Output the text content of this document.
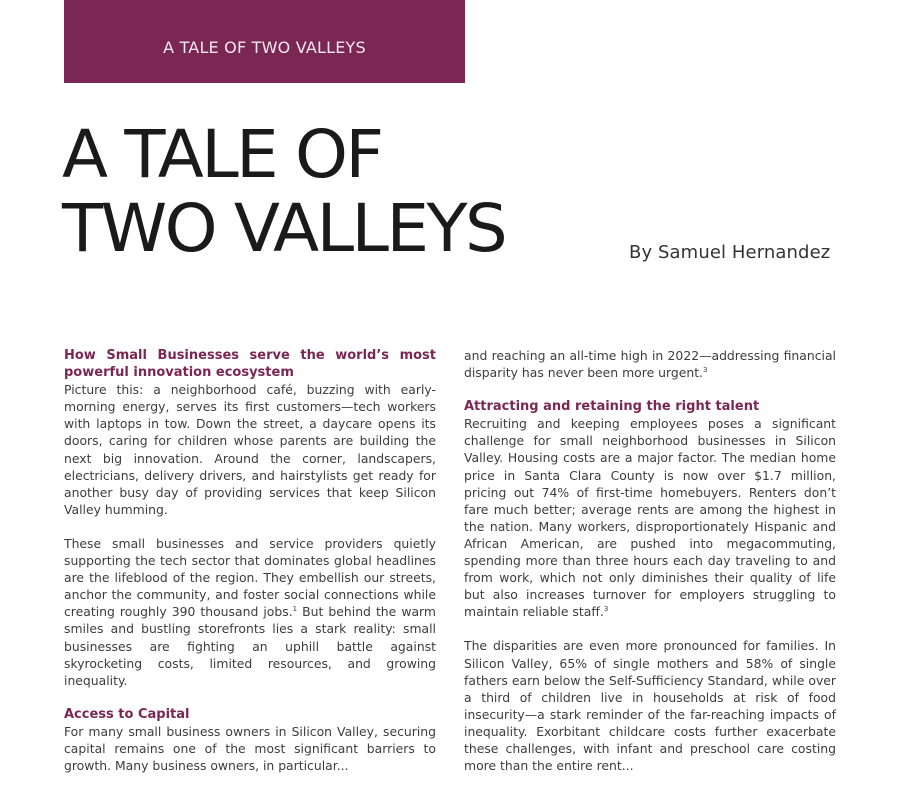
A TALE OF TWO VALLEYS
A TALE OF
TWO VALLEYS	By Samuel Hernandez
How Small Businesses serve the world’s most powerful innovation ecosystem

Picture this: a neighborhood café, buzzing with early-morning energy, serves its first customers—tech workers with laptops in tow. Down the street, a daycare opens its doors, caring for children whose parents are building the next big innovation. Around the corner, landscapers, electricians, delivery drivers, and hairstylists get ready for another busy day of providing services that keep Silicon Valley humming.

These small businesses and service providers quietly supporting the tech sector that dominates global headlines are the lifeblood of the region. They embellish our streets, anchor the community, and foster social connections while creating roughly 390 thousand jobs.$^1$ But behind the warm smiles and bustling storefronts lies a stark reality: small businesses are fighting an uphill battle against skyrocketing costs, limited resources, and growing inequality.

Access to Capital

For many small business owners in Silicon Valley, securing capital remains one of the most significant barriers to growth. Many business owners, in particular...

and reaching an all-time high in 2022—addressing financial disparity has never been more urgent.$^3$

Attracting and retaining the right talent

Recruiting and keeping employees poses a significant challenge for small neighborhood businesses in Silicon Valley. Housing costs are a major factor. The median home price in Santa Clara County is now over $1.7 million, pricing out 74% of first-time homebuyers. Renters don’t fare much better; average rents are among the highest in the nation. Many workers, disproportionately Hispanic and African American, are pushed into megacommuting, spending more than three hours each day traveling to and from work, which not only diminishes their quality of life but also increases turnover for employers struggling to maintain reliable staff.$^3$

The disparities are even more pronounced for families. In Silicon Valley, 65% of single mothers and 58% of single fathers earn below the Self-Sufficiency Standard, while over a third of children live in households at risk of food insecurity—a stark reminder of the far-reaching impacts of inequality. Exorbitant childcare costs further exacerbate these challenges, with infant and preschool care costing more than the entire rent...
